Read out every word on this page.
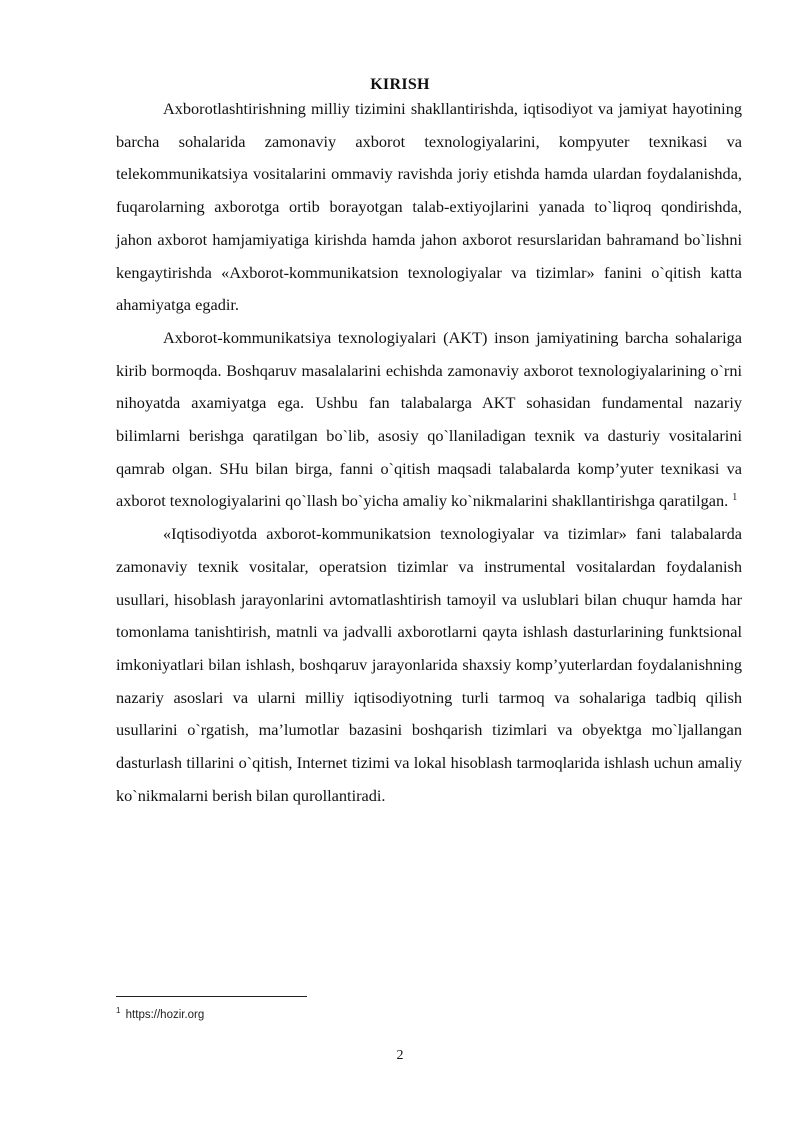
KIRISH

Axborotlashtirishning milliy tizimini shakllantirishda, iqtisodiyot va jamiyat hayotining barcha sohalarida zamonaviy axborot texnologiyalarini, kompyuter texnikasi va telekommunikatsiya vositalarini ommaviy ravishda joriy etishda hamda ulardan foydalanishda, fuqarolarning axborotga ortib borayotgan talab-extiyojlarini yanada to`liqroq qondirishda, jahon axborot hamjamiyatiga kirishda hamda jahon axborot resurslaridan bahramand bo`lishni kengaytirishda «Axborot-kommunikatsion texnologiyalar va tizimlar» fanini o`qitish katta ahamiyatga egadir.

Axborot-kommunikatsiya texnologiyalari (AKT) inson jamiyatining barcha sohalariga kirib bormoqda. Boshqaruv masalalarini echishda zamonaviy axborot texnologiyalarining o`rni nihoyatda axamiyatga ega. Ushbu fan talabalarga AKT sohasidan fundamental nazariy bilimlarni berishga qaratilgan bo`lib, asosiy qo`llaniladigan texnik va dasturiy vositalarini qamrab olgan. SHu bilan birga, fanni o`qitish maqsadi talabalarda komp’yuter texnikasi va axborot texnologiyalarini qo`llash bo`yicha amaliy ko`nikmalarini shakllantirishga qaratilgan. $^1$

«Iqtisodiyotda axborot-kommunikatsion texnologiyalar va tizimlar» fani talabalarda zamonaviy texnik vositalar, operatsion tizimlar va instrumental vositalardan foydalanish usullari, hisoblash jarayonlarini avtomatlashtirish tamoyil va uslublari bilan chuqur hamda har tomonlama tanishtirish, matnli va jadvalli axborotlarni qayta ishlash dasturlarining funktsional imkoniyatlari bilan ishlash, boshqaruv jarayonlarida shaxsiy komp’yuterlardan foydalanishning nazariy asoslari va ularni milliy iqtisodiyotning turli tarmoq va sohalariga tadbiq qilish usullarini o`rgatish, ma’lumotlar bazasini boshqarish tizimlari va obyektga mo`ljallangan dasturlash tillarini o`qitish, Internet tizimi va lokal hisoblash tarmoqlarida ishlash uchun amaliy ko`nikmalarni berish bilan qurollantiradi.

$^1$ https://hozir.org
2
